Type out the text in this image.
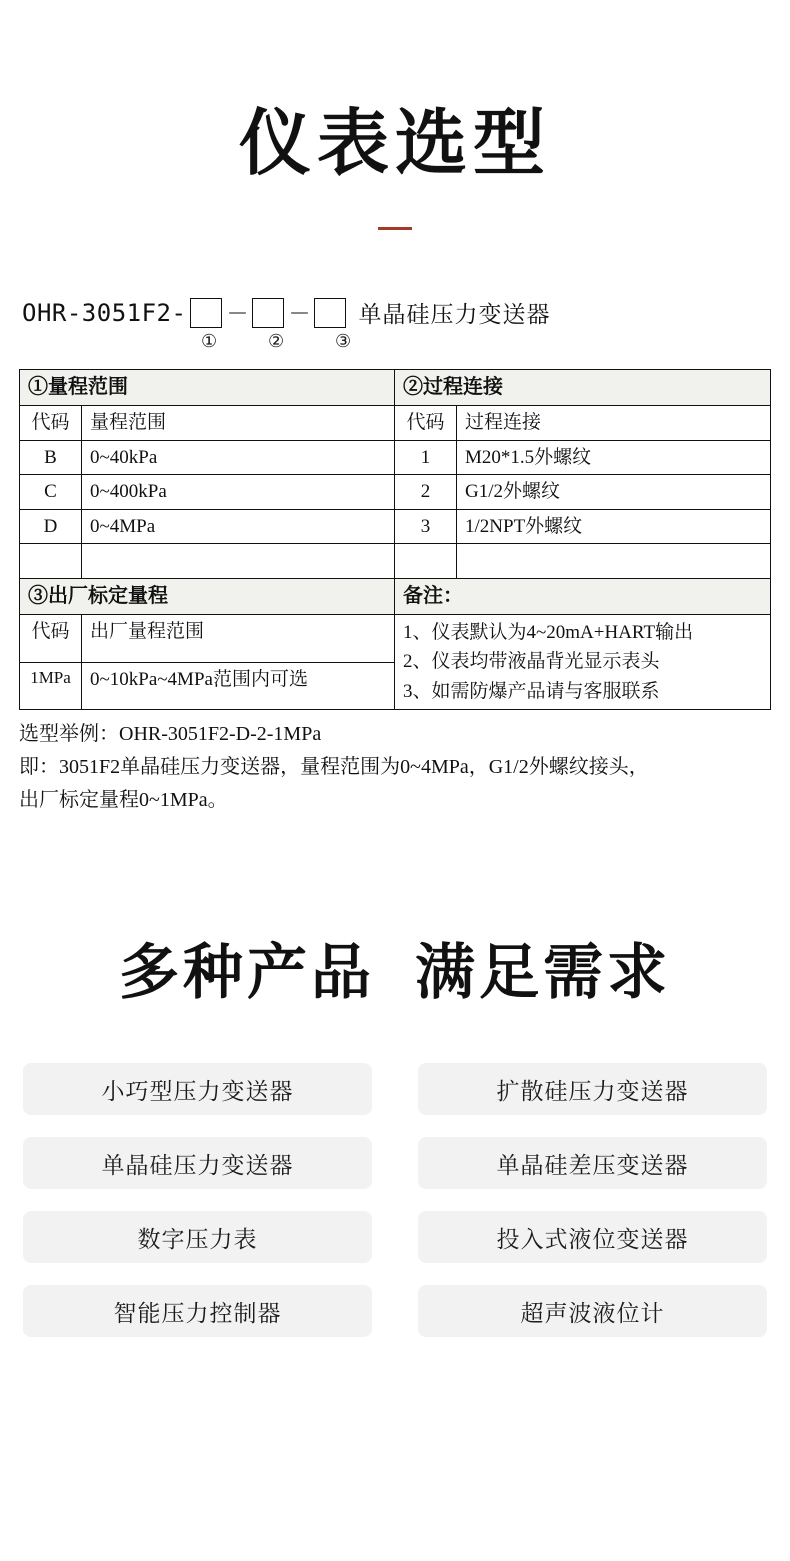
仪表选型
OHR-3051F2- － － 单晶硅压力变送器
①	②	③
①量程范围		②过程连接	
代码	量程范围	代码	过程连接
B	0~40kPa	1	M20*1.5外螺纹
C	0~400kPa	2	G1/2外螺纹
D	0~4MPa	3	1/2NPT外螺纹

③出厂标定量程		备注：	
代码	出厂量程范围	1、仪表默认为4~20mA+HART输出
2、仪表均带液晶背光显示表头
3、如需防爆产品请与客服联系	

1MPa	0~10kPa~4MPa范围内可选		
选型举例：OHR-3051F2-D-2-1MPa
即：3051F2单晶硅压力变送器，量程范围为0~4MPa，G1/2外螺纹接头，
出厂标定量程0~1MPa。
多种产品 满足需求
小巧型压力变送器	扩散硅压力变送器
单晶硅压力变送器	单晶硅差压变送器
数字压力表	投入式液位变送器
智能压力控制器	超声波液位计
